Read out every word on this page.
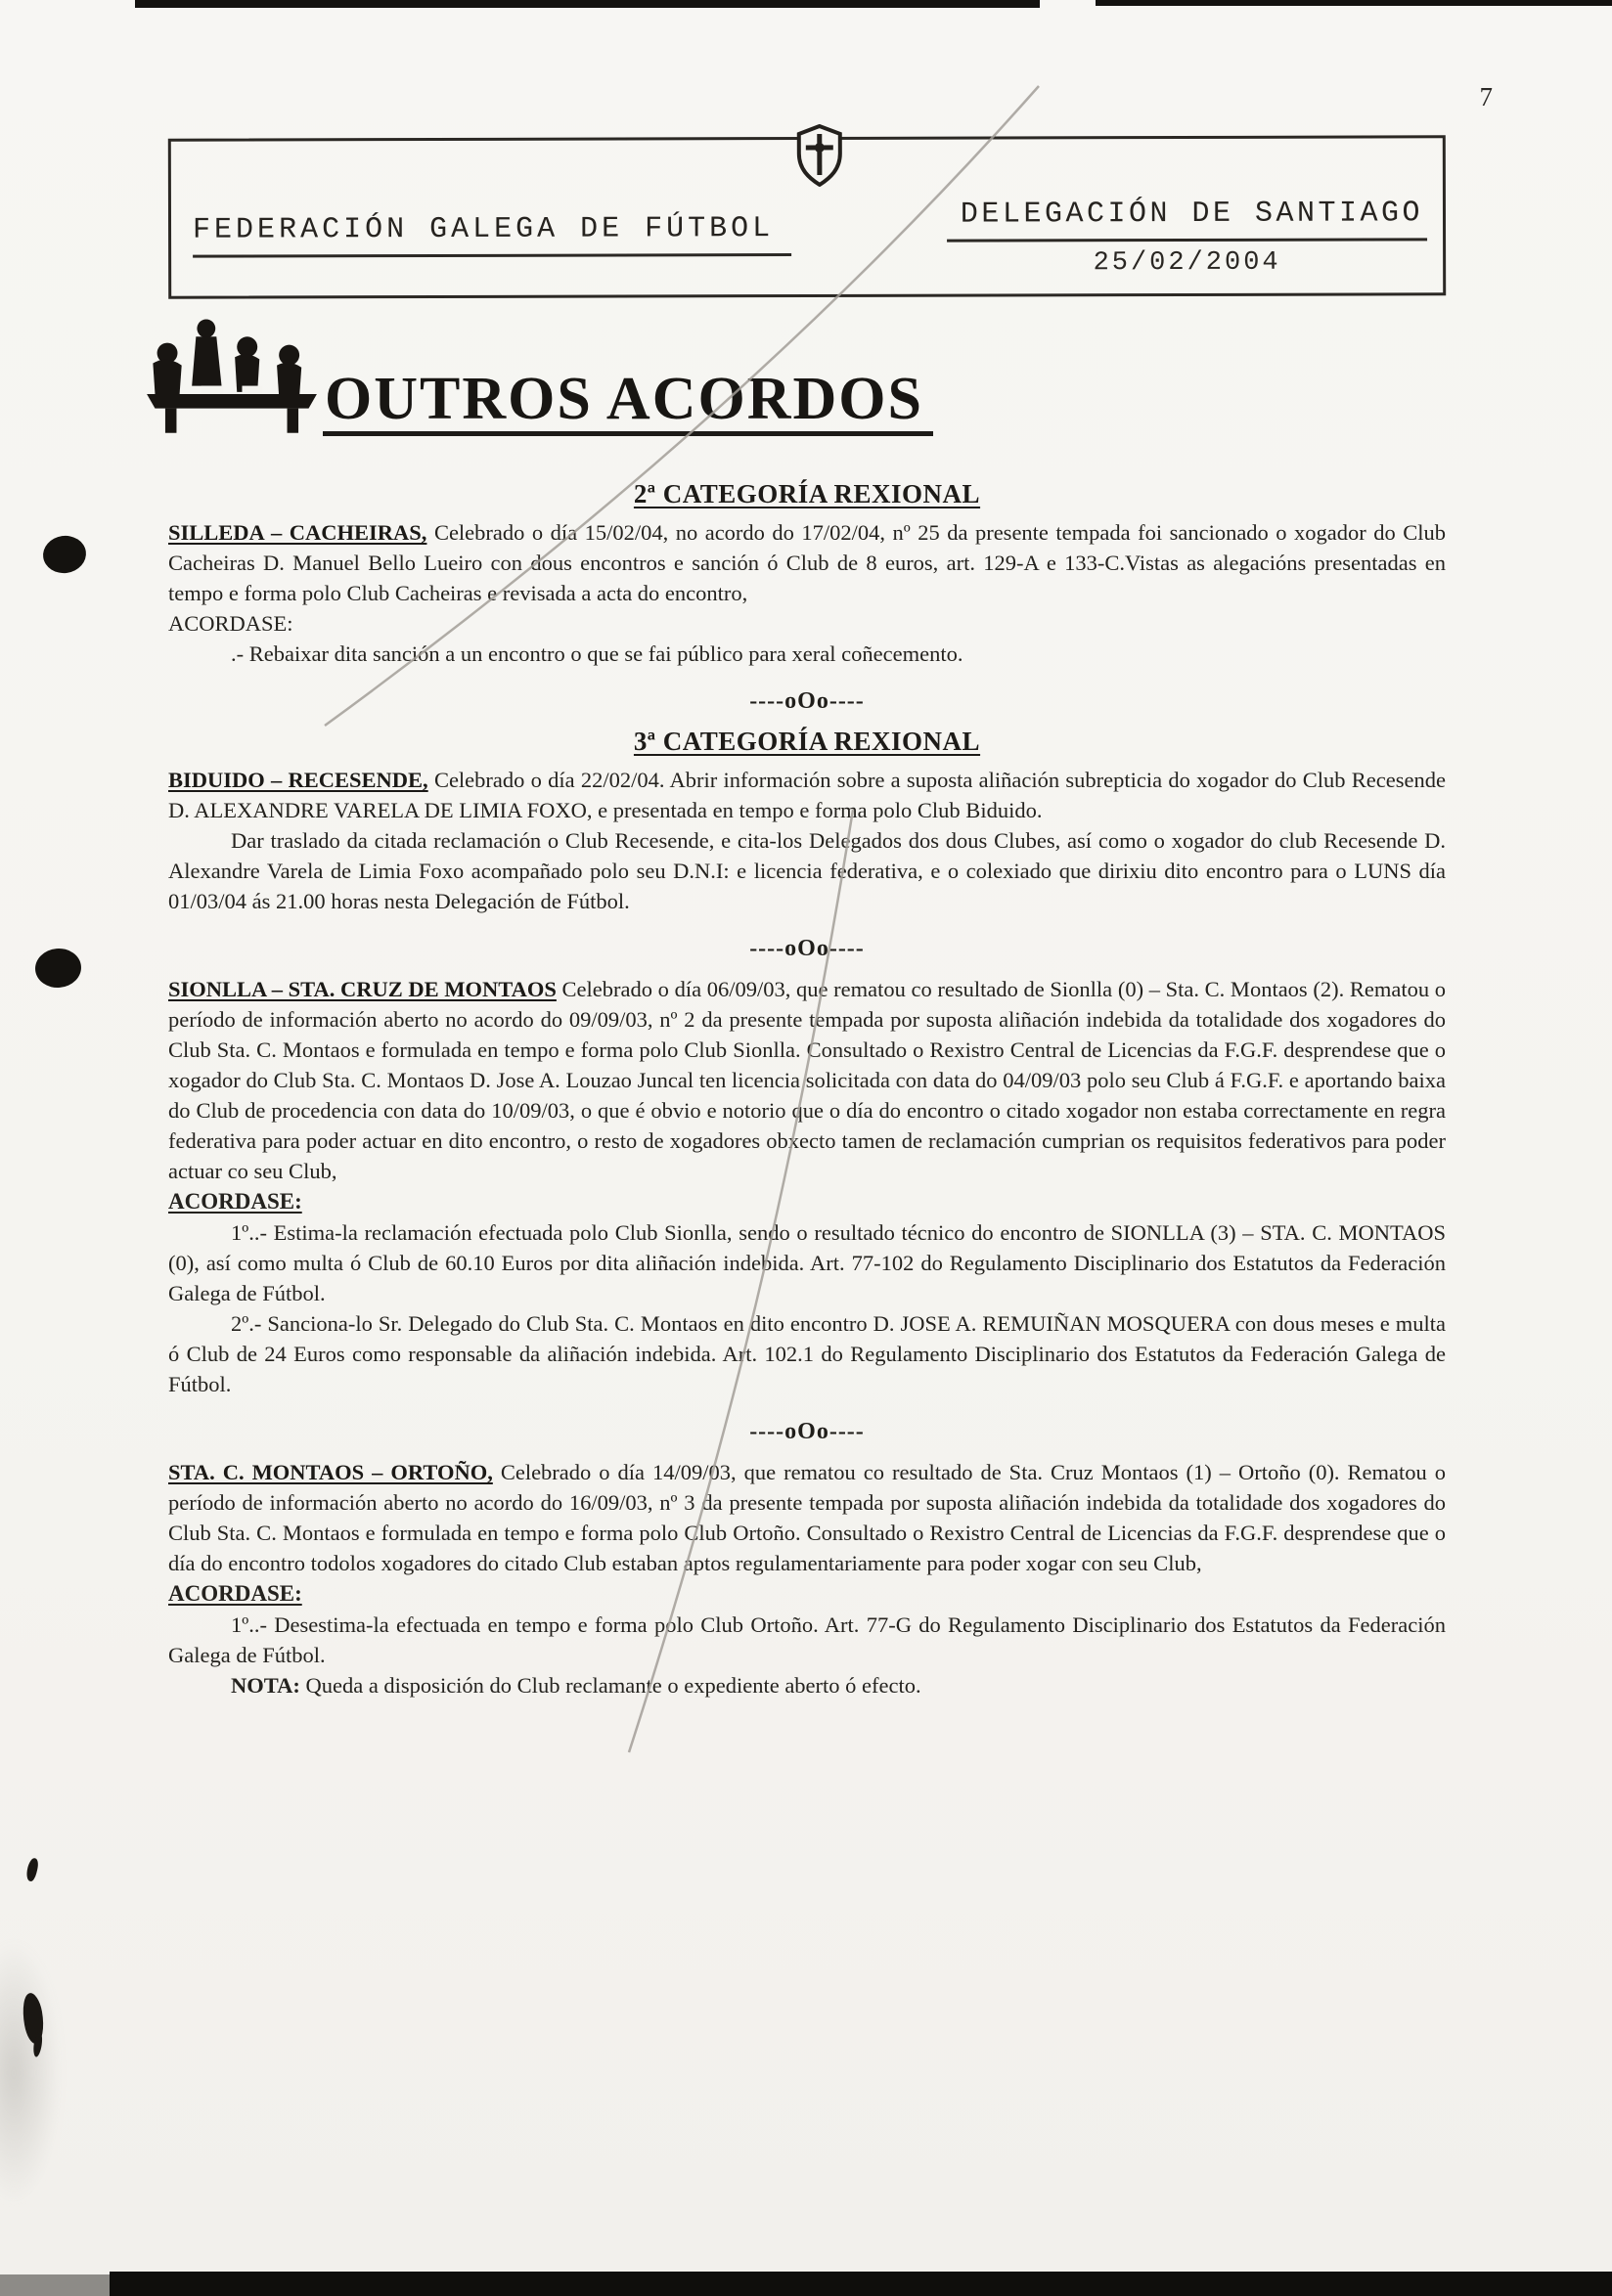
7
FEDERACIÓN GALEGA DE FÚTBOL	DELEGACIÓN DE SANTIAGO
25/02/2004
OUTROS ACORDOS
2ª CATEGORÍA REXIONAL

SILLEDA – CACHEIRAS, Celebrado o día 15/02/04, no acordo do 17/02/04, nº 25 da presente tempada foi sancionado o xogador do Club Cacheiras D. Manuel Bello Lueiro con dous encontros e sanción ó Club de 8 euros, art. 129-A e 133-C.Vistas as alegacións presentadas en tempo e forma polo Club Cacheiras e revisada a acta do encontro,

ACORDASE:

.- Rebaixar dita sanción a un encontro o que se fai público para xeral coñecemento.

----oOo----

3ª CATEGORÍA REXIONAL

BIDUIDO – RECESENDE, Celebrado o día 22/02/04. Abrir información sobre a suposta aliñación subrepticia do xogador do Club Recesende D. ALEXANDRE VARELA DE LIMIA FOXO, e presentada en tempo e forma polo Club Biduido.

Dar traslado da citada reclamación o Club Recesende, e cita-los Delegados dos dous Clubes, así como o xogador do club Recesende D. Alexandre Varela de Limia Foxo acompañado polo seu D.N.I: e licencia federativa, e o colexiado que dirixiu dito encontro para o LUNS día 01/03/04 ás 21.00 horas nesta Delegación de Fútbol.

----oOo----

SIONLLA – STA. CRUZ DE MONTAOS Celebrado o día 06/09/03, que rematou co resultado de Sionlla (0) – Sta. C. Montaos (2). Rematou o período de información aberto no acordo do 09/09/03, nº 2 da presente tempada por suposta aliñación indebida da totalidade dos xogadores do Club Sta. C. Montaos e formulada en tempo e forma polo Club Sionlla. Consultado o Rexistro Central de Licencias da F.G.F. desprendese que o xogador do Club Sta. C. Montaos D. Jose A. Louzao Juncal ten licencia solicitada con data do 04/09/03 polo seu Club á F.G.F. e aportando baixa do Club de procedencia con data do 10/09/03, o que é obvio e notorio que o día do encontro o citado xogador non estaba correctamente en regra federativa para poder actuar en dito encontro, o resto de xogadores obxecto tamen de reclamación cumprian os requisitos federativos para poder actuar co seu Club,

ACORDASE:

1º..- Estima-la reclamación efectuada polo Club Sionlla, sendo o resultado técnico do encontro de SIONLLA (3) – STA. C. MONTAOS (0), así como multa ó Club de 60.10 Euros por dita aliñación indebida. Art. 77-102 do Regulamento Disciplinario dos Estatutos da Federación Galega de Fútbol.

2º.- Sanciona-lo Sr. Delegado do Club Sta. C. Montaos en dito encontro D. JOSE A. REMUIÑAN MOSQUERA con dous meses e multa ó Club de 24 Euros como responsable da aliñación indebida. Art. 102.1 do Regulamento Disciplinario dos Estatutos da Federación Galega de Fútbol.

----oOo----

STA. C. MONTAOS – ORTOÑO, Celebrado o día 14/09/03, que rematou co resultado de Sta. Cruz Montaos (1) – Ortoño (0). Rematou o período de información aberto no acordo do 16/09/03, nº 3 da presente tempada por suposta aliñación indebida da totalidade dos xogadores do Club Sta. C. Montaos e formulada en tempo e forma polo Club Ortoño. Consultado o Rexistro Central de Licencias da F.G.F. desprendese que o día do encontro todolos xogadores do citado Club estaban aptos regulamentariamente para poder xogar con seu Club,

ACORDASE:

1º..- Desestima-la efectuada en tempo e forma polo Club Ortoño. Art. 77-G do Regulamento Disciplinario dos Estatutos da Federación Galega de Fútbol.

NOTA: Queda a disposición do Club reclamante o expediente aberto ó efecto.
